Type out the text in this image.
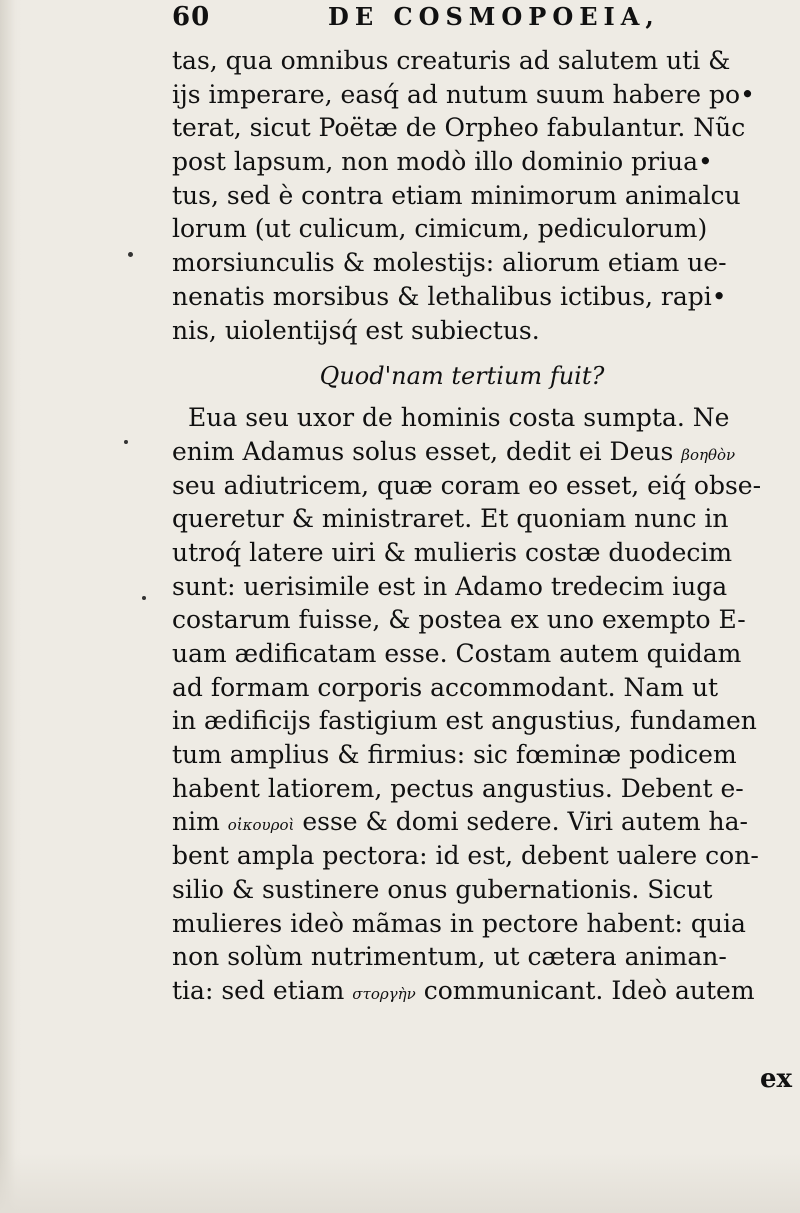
60	DE COSMOPOEIA,
tas, qua omnibus creaturis ad salutem uti &
ijs imperare, easq́ ad nutum suum habere po•
terat, sicut Poëtæ de Orpheo fabulantur. Nũc
post lapsum, non modò illo dominio priua•
tus, sed è contra etiam minimorum animalcu
lorum (ut culicum, cimicum, pediculorum)
morsiunculis & molestijs: aliorum etiam ue-
nenatis morsibus & lethalibus ictibus, rapi•
nis, uiolentijsq́ est subiectus.
Quod'nam tertium fuit?
Eua seu uxor de hominis costa sumpta. Ne
enim Adamus solus esset, dedit ei Deus βοηθὸν
seu adiutricem, quæ coram eo esset, eiq́ obse-
queretur & ministraret. Et quoniam nunc in
utroq́ latere uiri & mulieris costæ duodecim
sunt: uerisimile est in Adamo tredecim iuga
costarum fuisse, & postea ex uno exempto E-
uam ædificatam esse. Costam autem quidam
ad formam corporis accommodant. Nam ut
in ædificijs fastigium est angustius, fundamen
tum amplius & firmius: sic fœminæ podicem
habent latiorem, pectus angustius. Debent e-
nim οἰκουροὶ esse & domi sedere. Viri autem ha-
bent ampla pectora: id est, debent ualere con-
silio & sustinere onus gubernationis. Sicut
mulieres ideò mãmas in pectore habent: quia
non solùm nutrimentum, ut cætera animan-
tia: sed etiam στοργὴν communicant. Ideò autem
ex
